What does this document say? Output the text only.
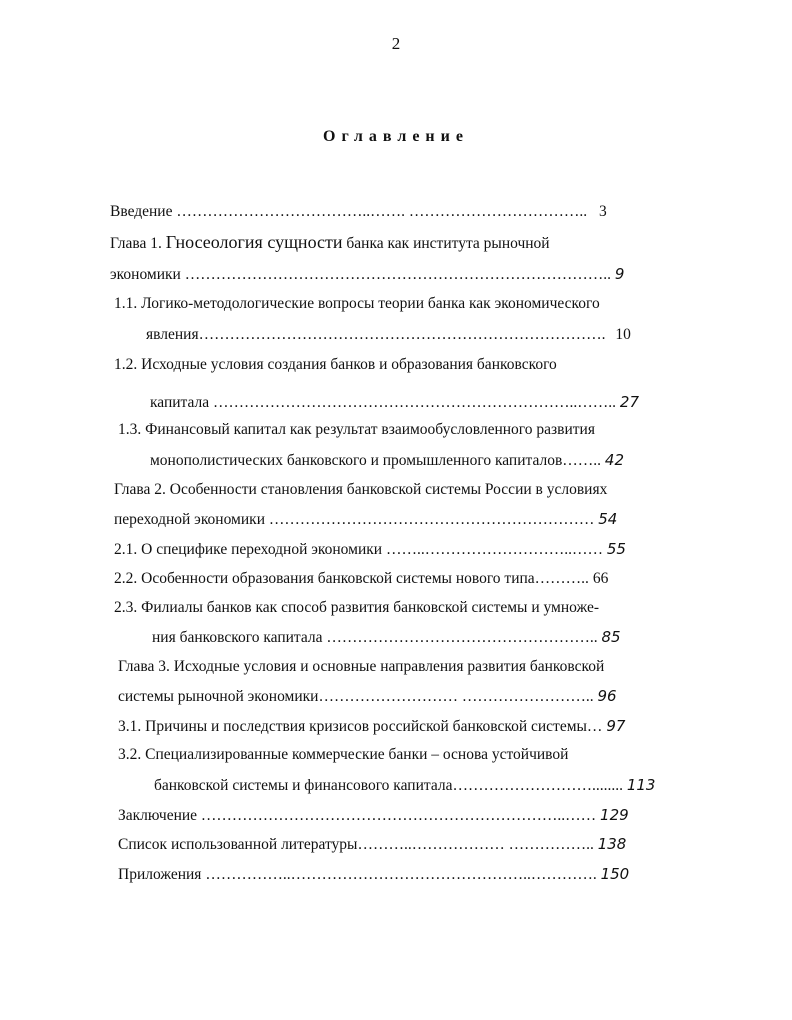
2
Оглавление
Введение ………………………………..……. …………………………….. 3
Глава 1. Гносеология сущности банка как института рыночной
экономики ……………………………………………………………………….. 9
1.1. Логико-методологические вопросы теории банка как экономического
явления……………………………………………………………………. 10
1.2. Исходные условия создания банков и образования банковского
капитала ……………………………………………………………..…….. 27
1.3. Финансовый капитал как результат взаимообусловленного развития
монополистических банковского и промышленного капиталов…….. 42
Глава 2. Особенности становления банковской системы России в условиях
переходной экономики ……………………………………………………… 54
2.1. О специфике переходной экономики ……..………………………..…… 55
2.2. Особенности образования банковской системы нового типа……….. 66
2.3. Филиалы банков как способ развития банковской системы и умноже-
ния банковского капитала …………………………………………….. 85
Глава 3. Исходные условия и основные направления развития банковской
системы рыночной экономики……………………… …………………….. 96
3.1. Причины и последствия кризисов российской банковской системы… 97
3.2. Специализированные коммерческие банки – основа устойчивой
банковской системы и финансового капитала………………………........ 113
Заключение ……………………………………………………………..…… 129
Список использованной литературы………..……………… …………….. 138
Приложения ……………..………………………………………..…………. 150
